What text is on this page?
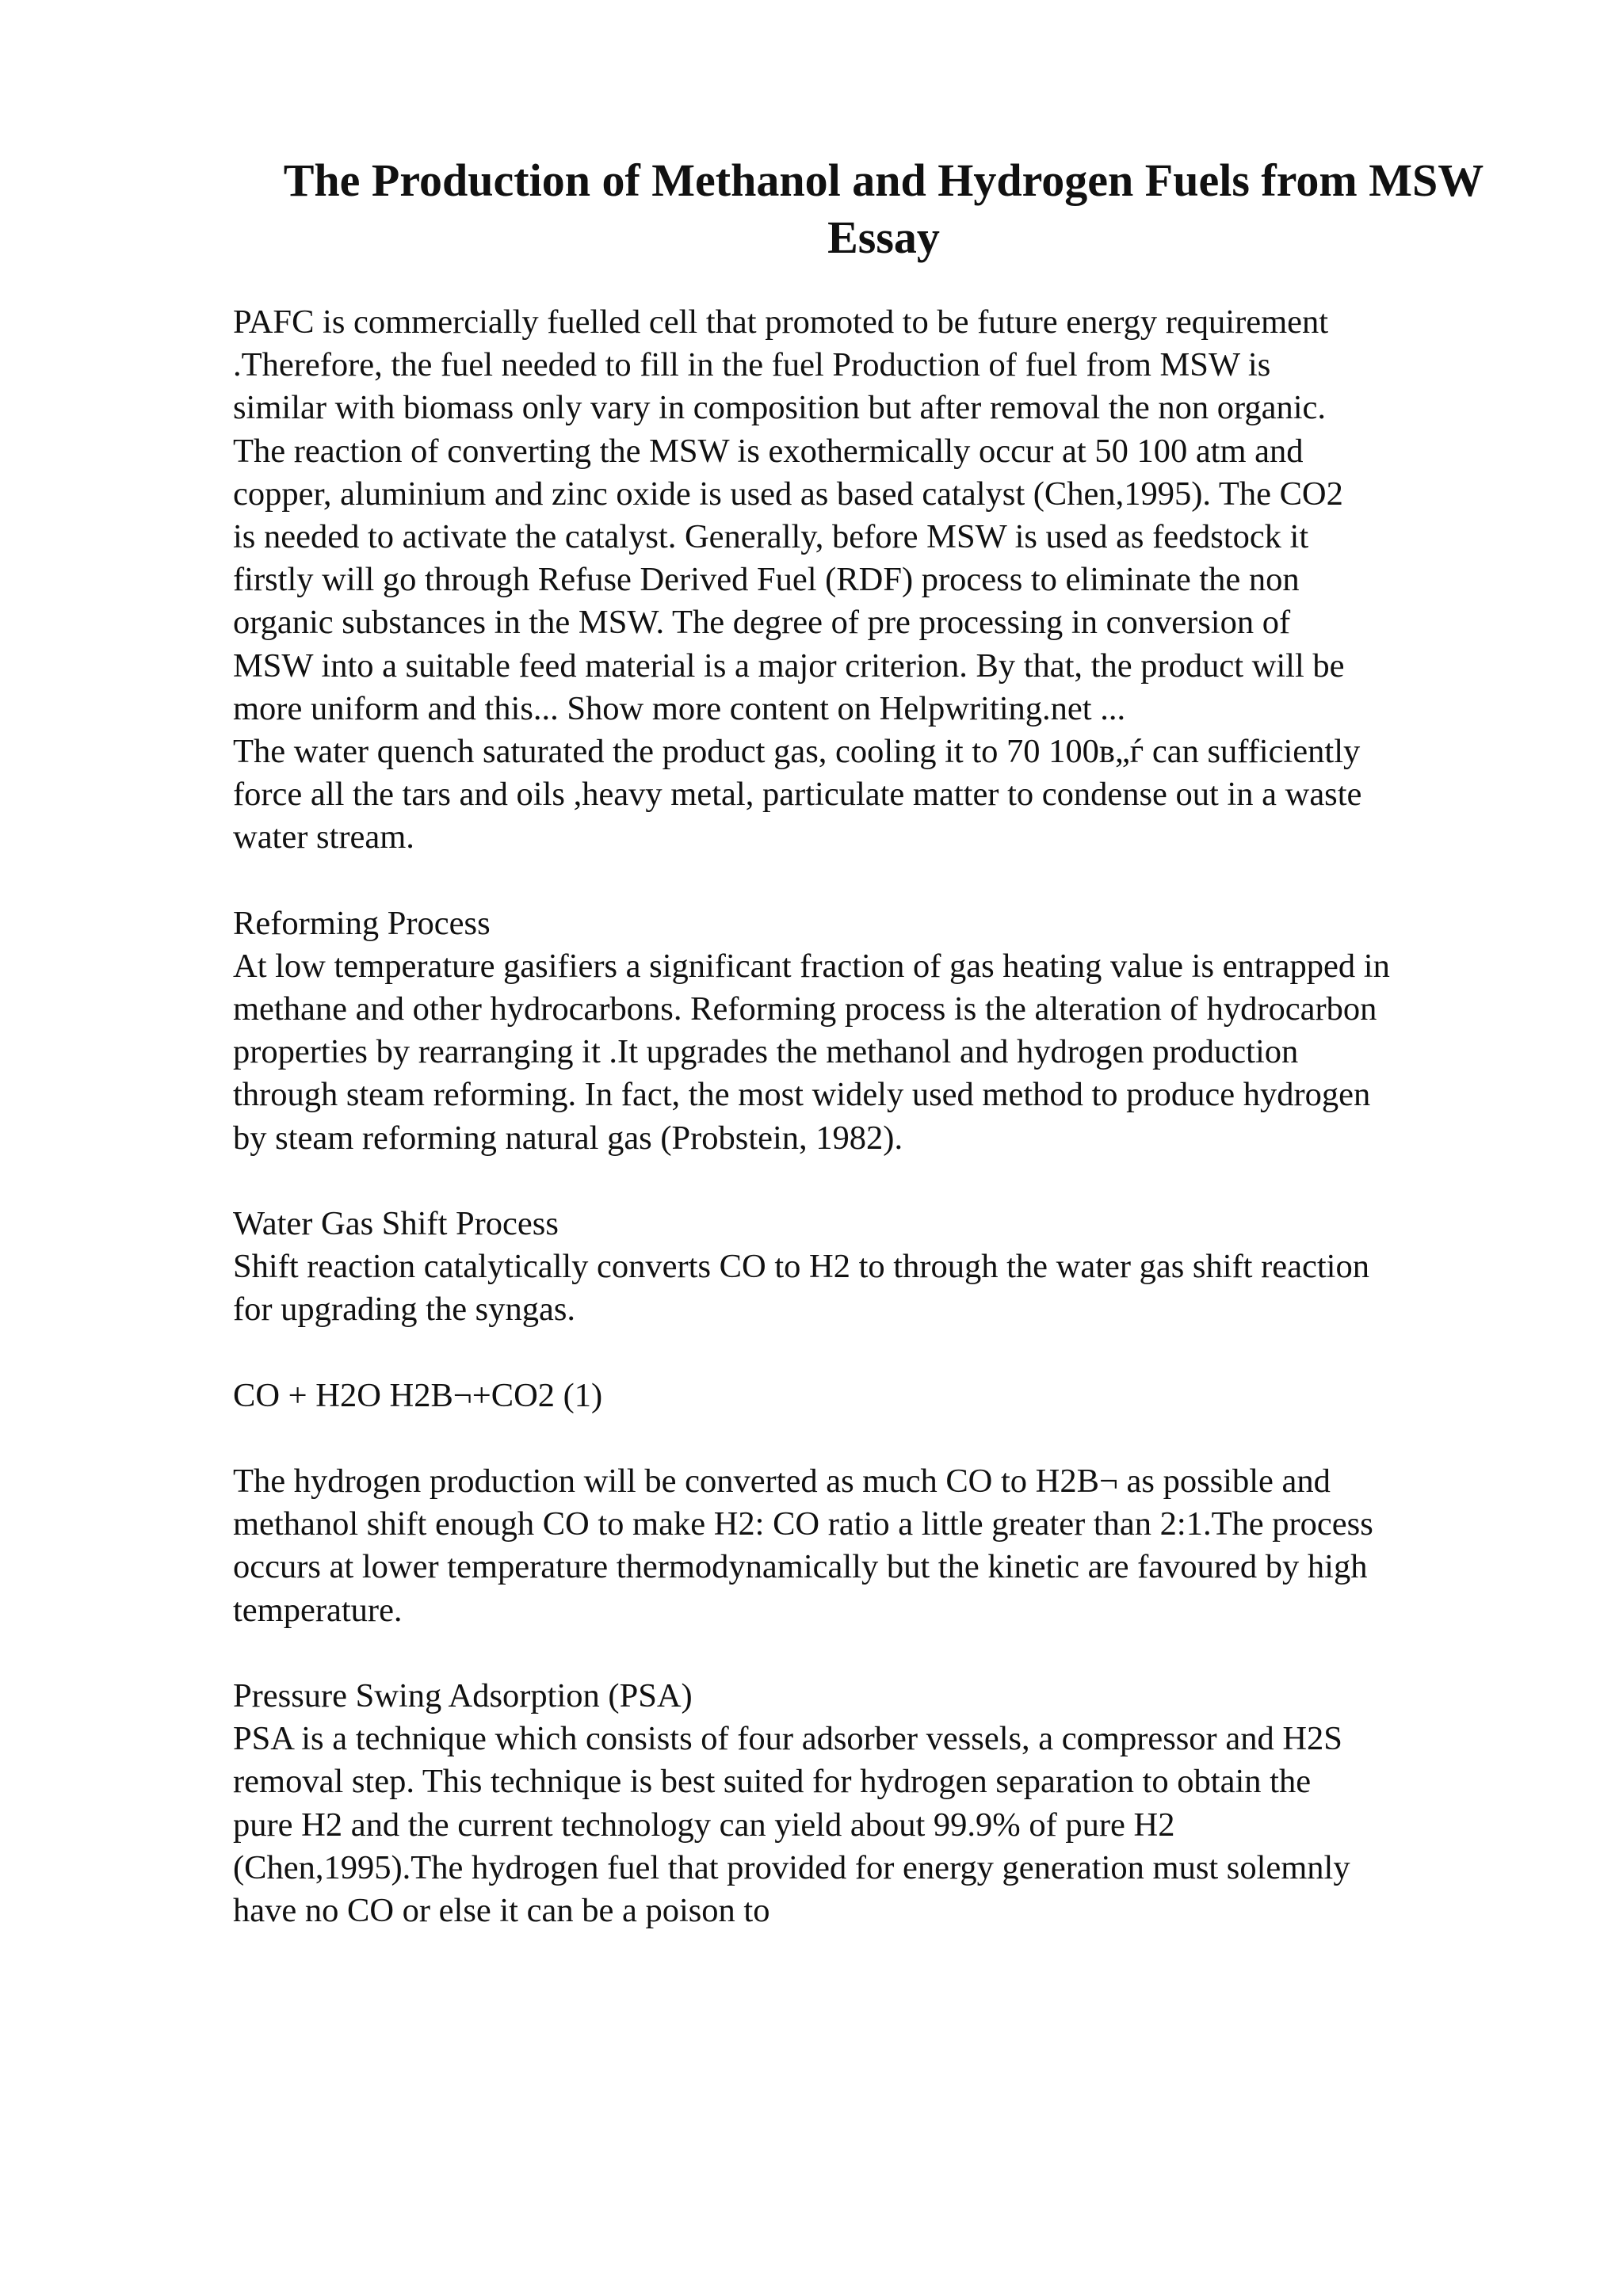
The Production of Methanol and Hydrogen Fuels from MSW Essay
PAFC is commercially fuelled cell that promoted to be future energy requirement
.Therefore, the fuel needed to fill in the fuel Production of fuel from MSW is
similar with biomass only vary in composition but after removal the non organic.
The reaction of converting the MSW is exothermically occur at 50 100 atm and
copper, aluminium and zinc oxide is used as based catalyst (Chen,1995). The CO2
is needed to activate the catalyst. Generally, before MSW is used as feedstock it
firstly will go through Refuse Derived Fuel (RDF) process to eliminate the non
organic substances in the MSW. The degree of pre processing in conversion of
MSW into a suitable feed material is a major criterion. By that, the product will be
more uniform and this... Show more content on Helpwriting.net ...
The water quench saturated the product gas, cooling it to 70 100в„ѓ can sufficiently
force all the tars and oils ,heavy metal, particulate matter to condense out in a waste
water stream.
Reforming Process
At low temperature gasifiers a significant fraction of gas heating value is entrapped in
methane and other hydrocarbons. Reforming process is the alteration of hydrocarbon
properties by rearranging it .It upgrades the methanol and hydrogen production
through steam reforming. In fact, the most widely used method to produce hydrogen
by steam reforming natural gas (Probstein, 1982).
Water Gas Shift Process
Shift reaction catalytically converts CO to H2 to through the water gas shift reaction
for upgrading the syngas.
CO + H2O H2В¬+CO2 (1)
The hydrogen production will be converted as much CO to H2В¬ as possible and
methanol shift enough CO to make H2: CO ratio a little greater than 2:1.The process
occurs at lower temperature thermodynamically but the kinetic are favoured by high
temperature.
Pressure Swing Adsorption (PSA)
PSA is a technique which consists of four adsorber vessels, a compressor and H2S
removal step. This technique is best suited for hydrogen separation to obtain the
pure H2 and the current technology can yield about 99.9% of pure H2
(Chen,1995).The hydrogen fuel that provided for energy generation must solemnly
have no CO or else it can be a poison to
